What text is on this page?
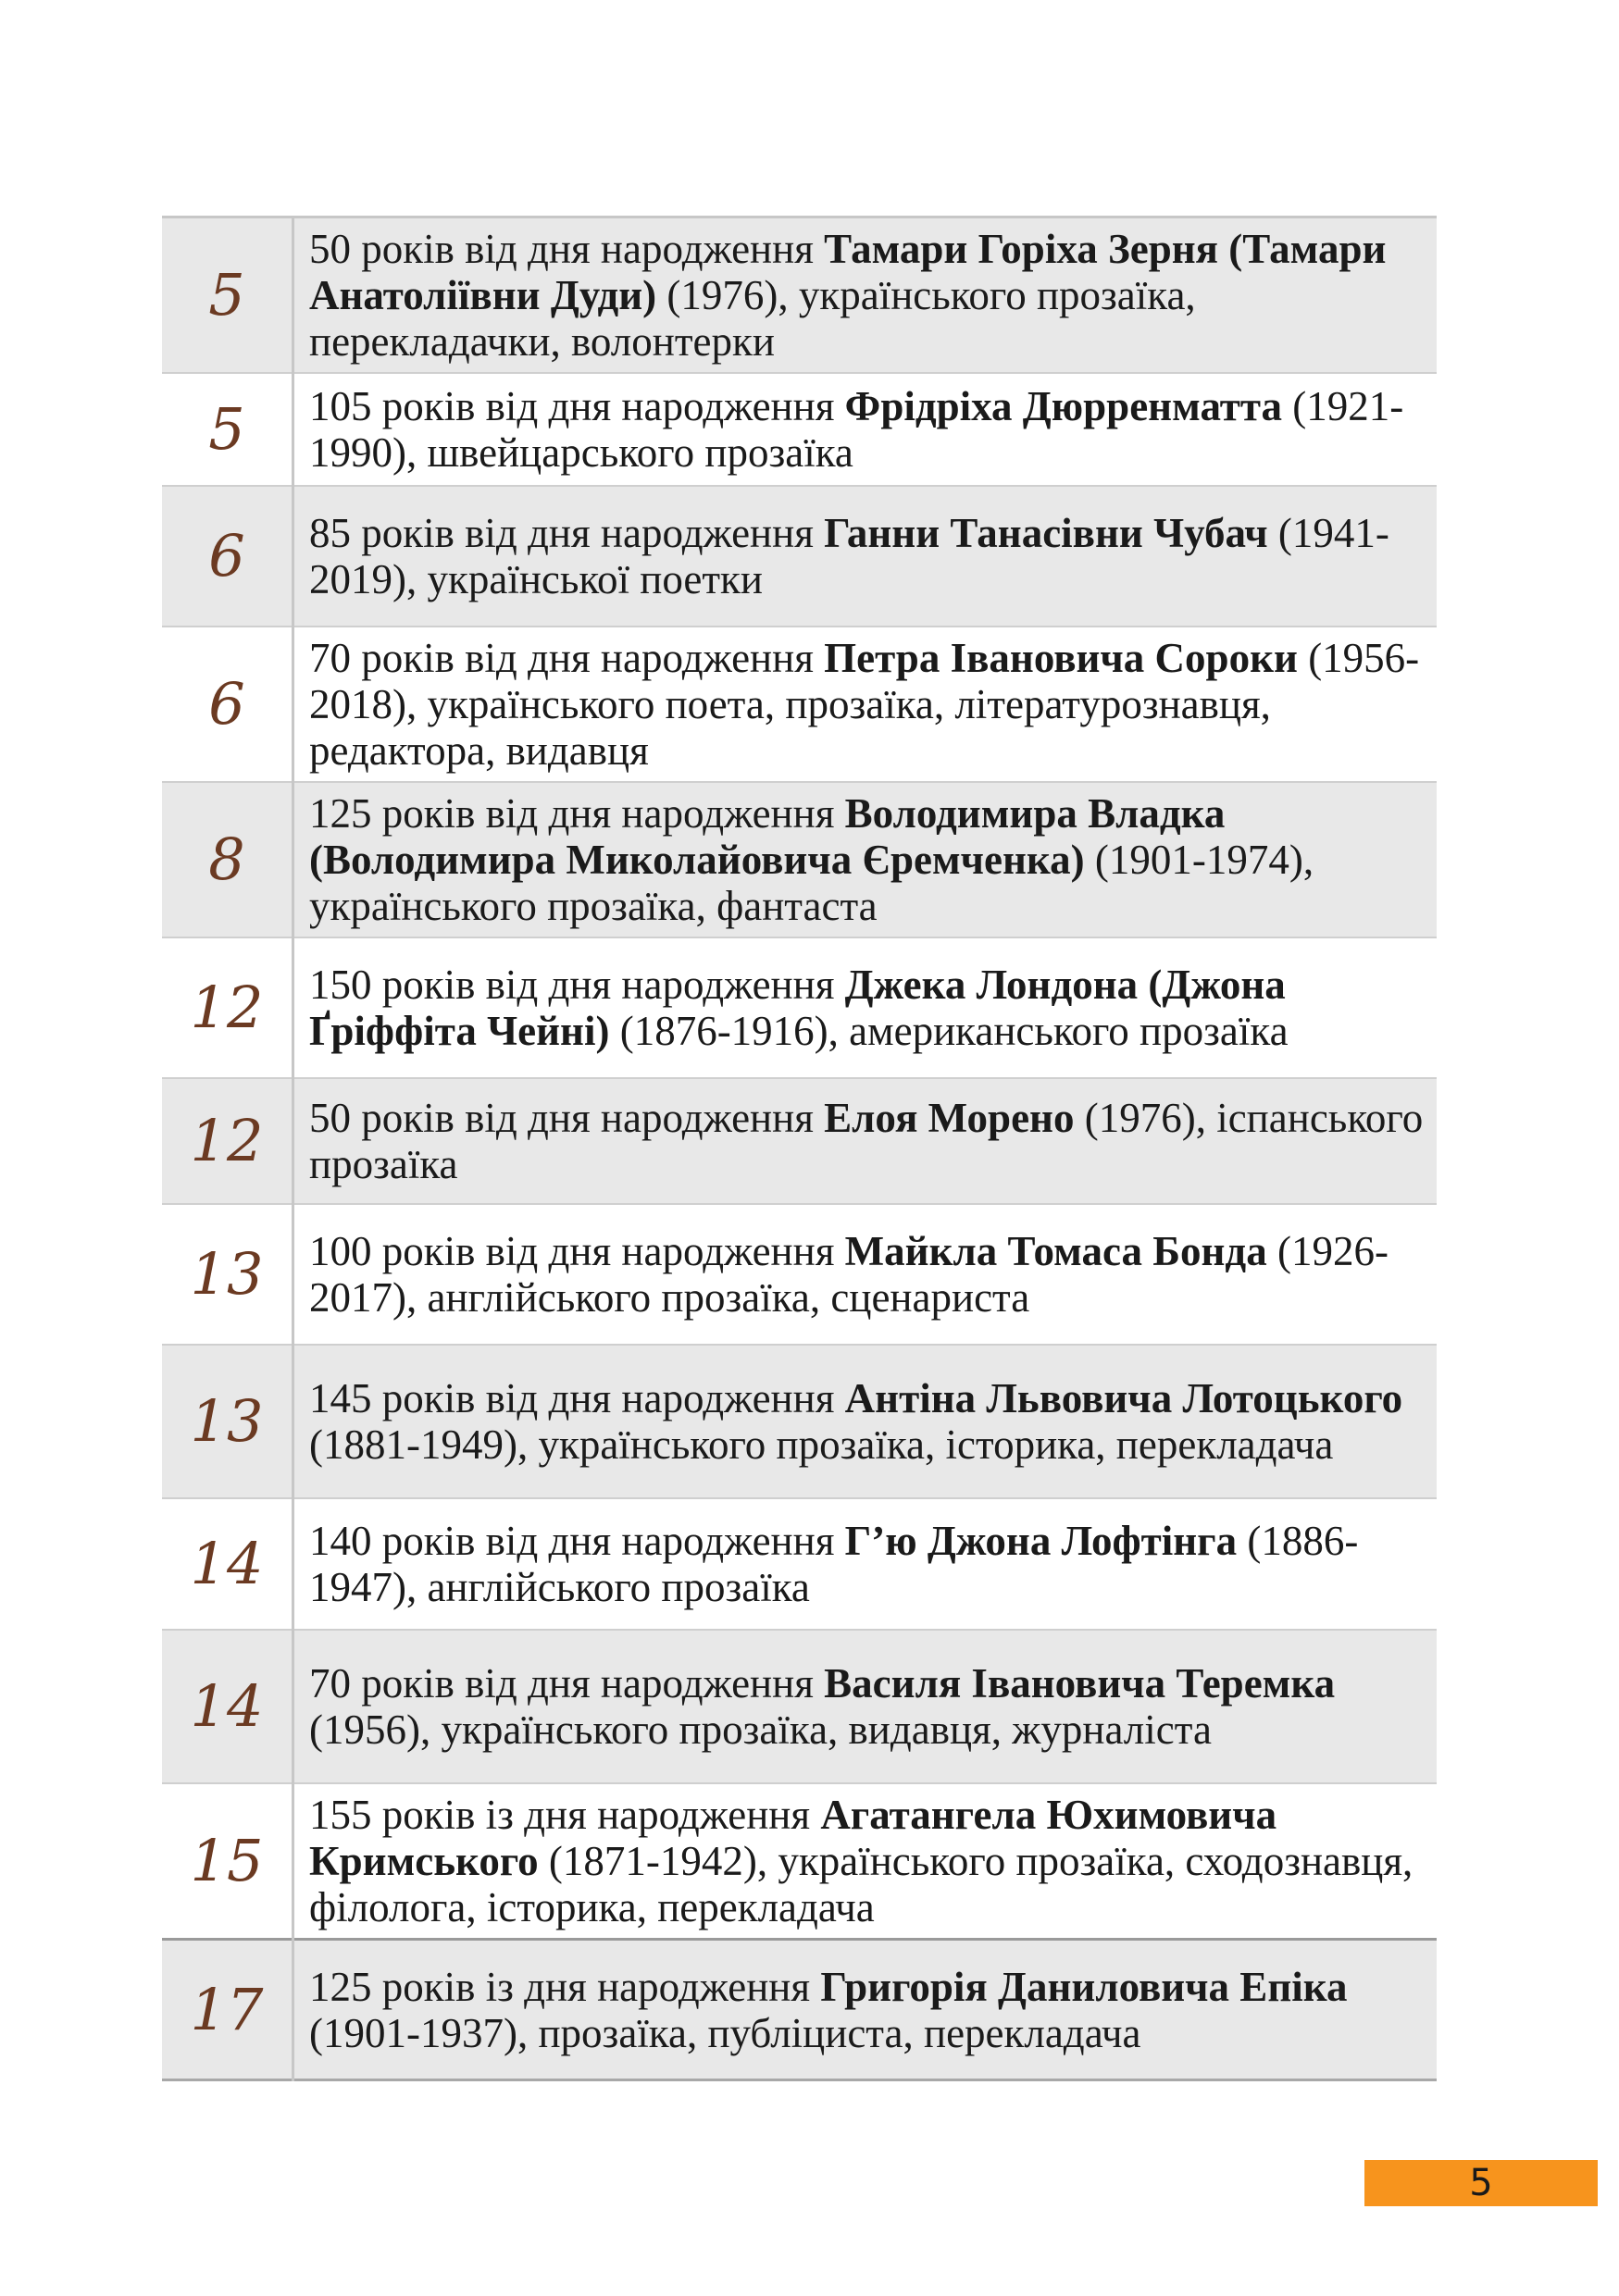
5	50 років від дня народження Тамари Горіха Зерня (Тамари Анатоліївни Дуди) (1976), українського прозаїка, перекладачки, волонтерки
5	105 років від дня народження Фрідріха Дюрренматта (1921-1990), швейцарського прозаїка
6	85 років від дня народження Ганни Танасівни Чубач (1941-2019), української поетки
6	70 років від дня народження Петра Івановича Сороки (1956-2018), українського поета, прозаїка, літературознавця, редактора, видавця
8	125 років від дня народження Володимира Владка (Володимира Миколайовича Єремченка) (1901-1974), українського прозаїка, фантаста
12	150 років від дня народження Джека Лондона (Джона Ґріффіта Чейні) (1876-1916), американського прозаїка
12	50 років від дня народження Елоя Морено (1976), іспанського прозаїка
13	100 років від дня народження Майкла Томаса Бонда (1926-2017), англійського прозаїка, сценариста
13	145 років від дня народження Антіна Львовича Лотоцького (1881-1949), українського прозаїка, історика, перекладача
14	140 років від дня народження Г’ю Джона Лофтінга (1886-1947), англійського прозаїка
14	70 років від дня народження Василя Івановича Теремка (1956), українського прозаїка, видавця, журналіста
15	155 років із дня народження Агатангела Юхимовича Кримського (1871-1942), українського прозаїка, сходознавця, філолога, історика, перекладача
17	125 років із дня народження Григорія Даниловича Епіка (1901-1937), прозаїка, публіциста, перекладача
5
